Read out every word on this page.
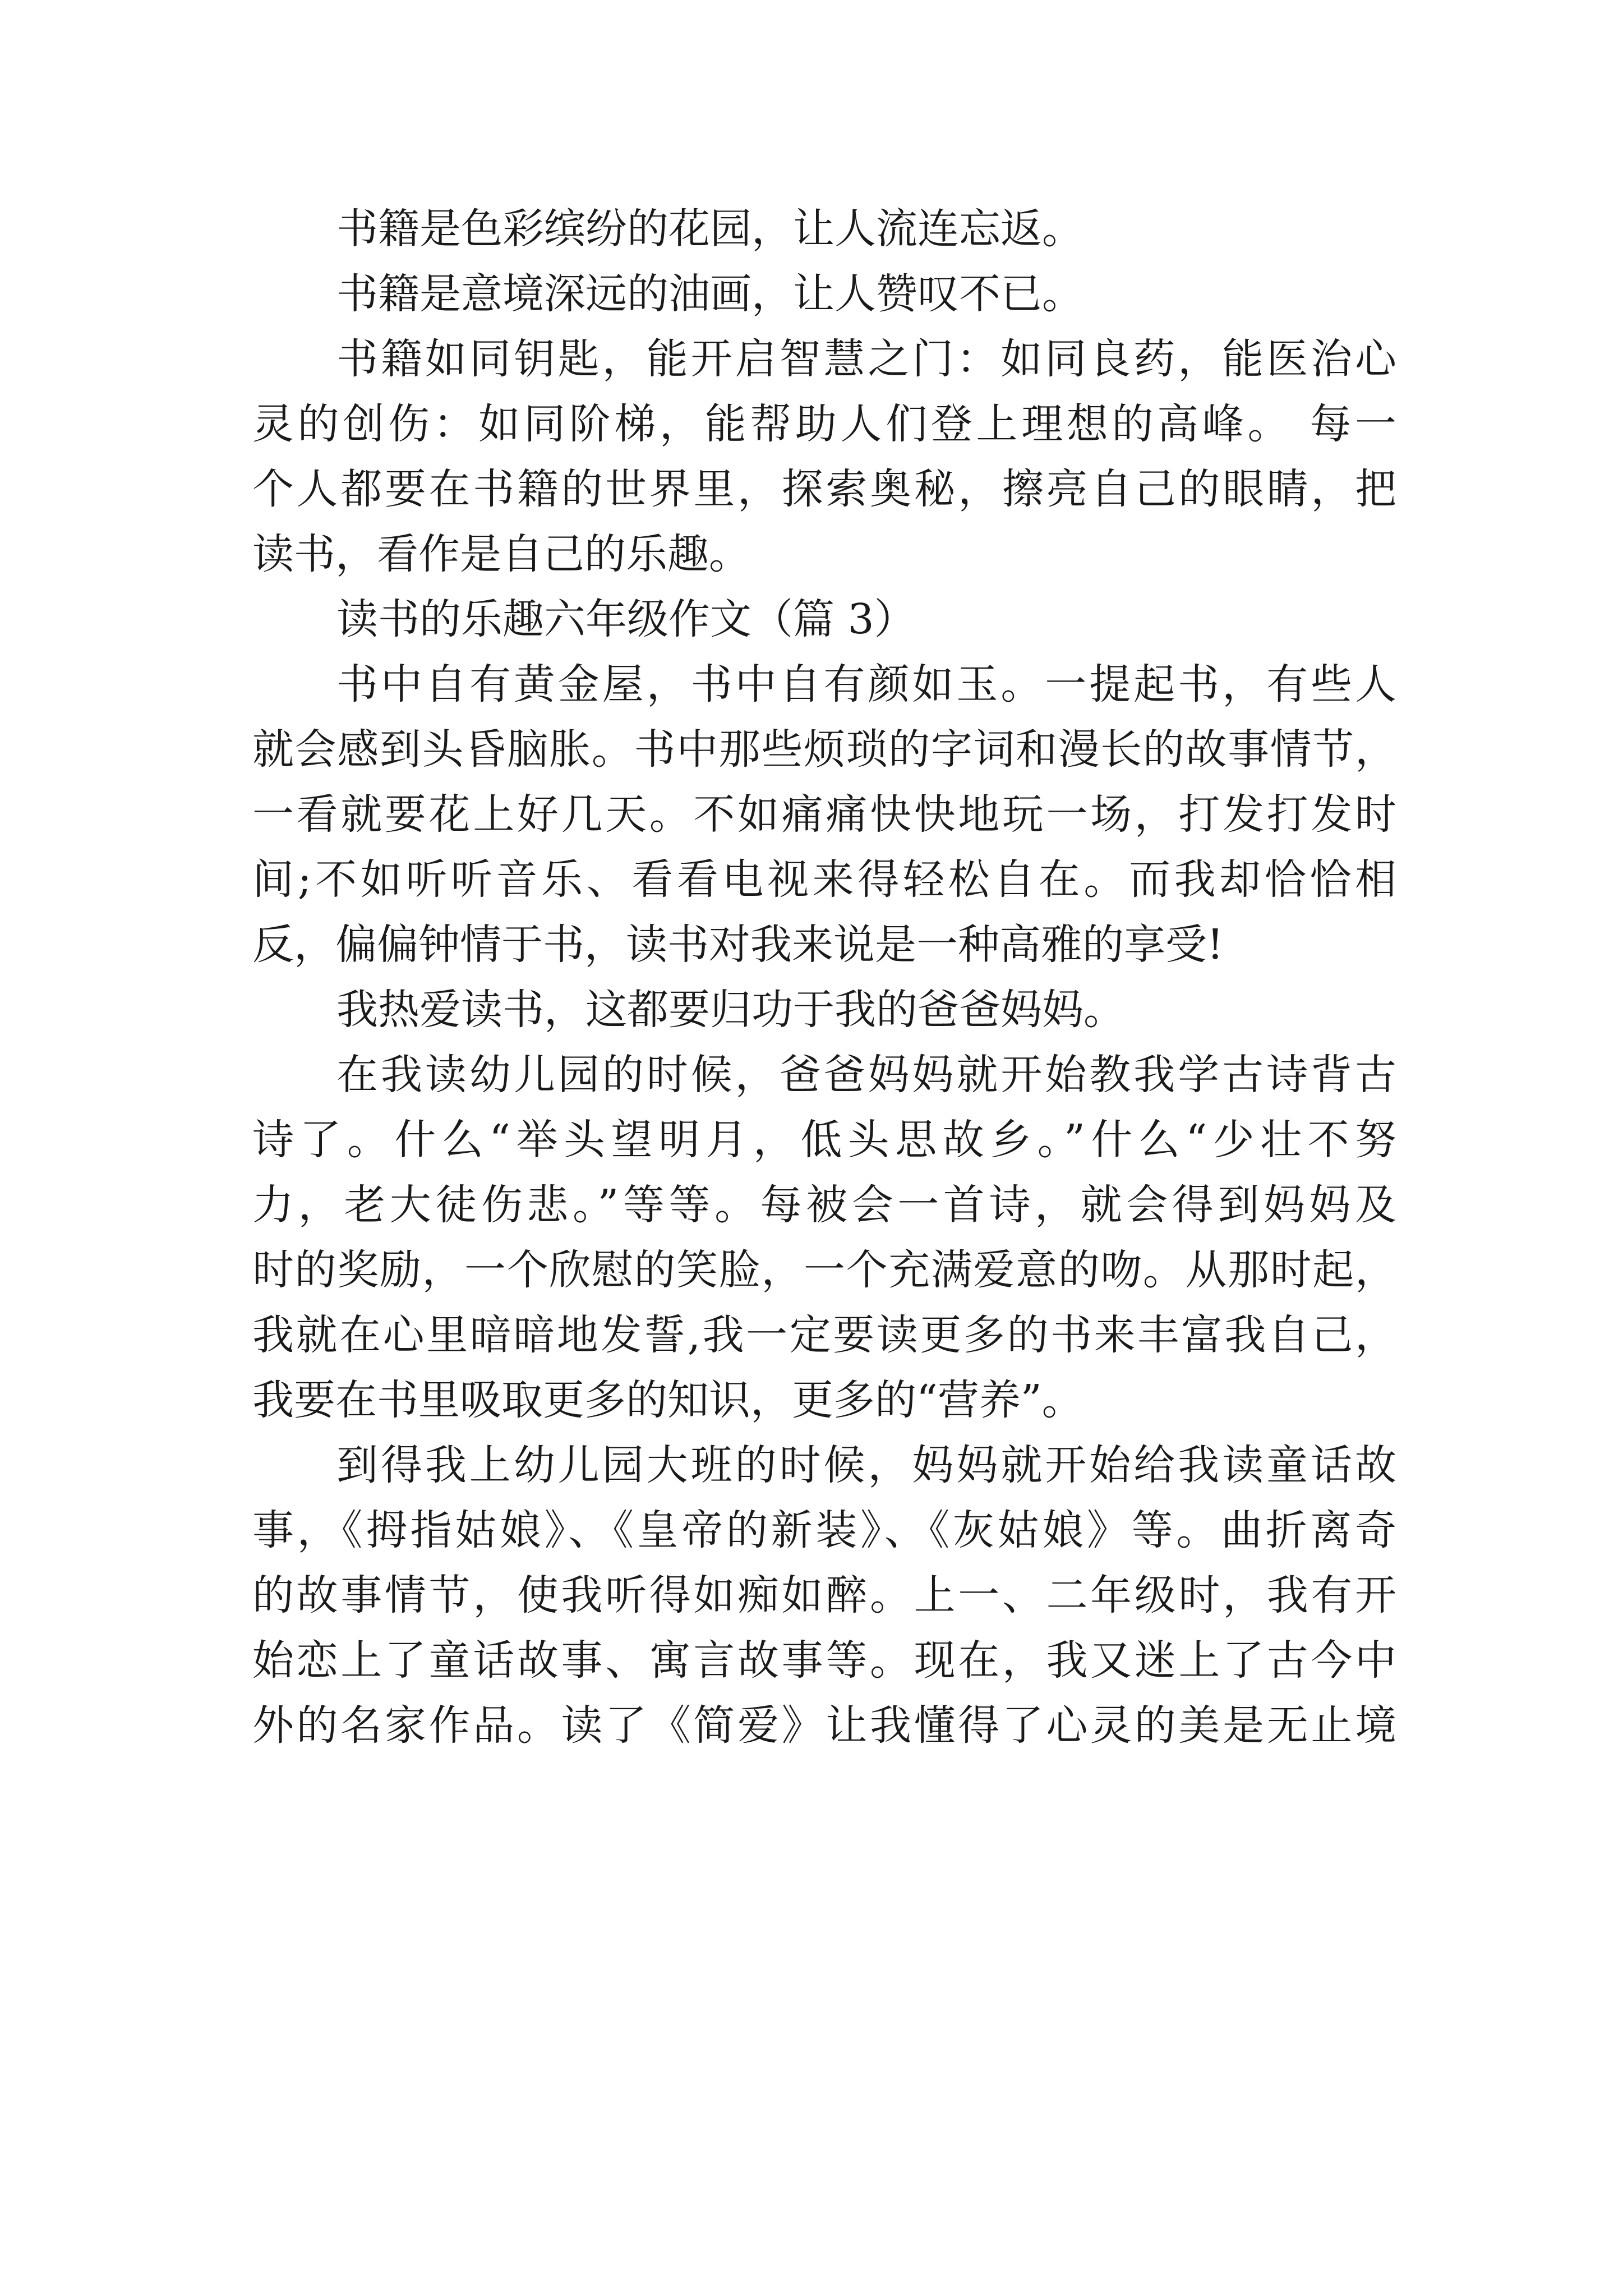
书籍是色彩缤纷的花园，让人流连忘返。
书籍是意境深远的油画，让人赞叹不已。
书籍如同钥匙，能开启智慧之门：如同良药，能医治心
灵的创伤：如同阶梯，能帮助人们登上理想的高峰。 每一
个人都要在书籍的世界里，探索奥秘，擦亮自己的眼睛，把
读书，看作是自己的乐趣。
读书的乐趣六年级作文（篇 3）
书中自有黄金屋，书中自有颜如玉。一提起书，有些人
就会感到头昏脑胀。书中那些烦琐的字词和漫长的故事情节，
一看就要花上好几天。不如痛痛快快地玩一场，打发打发时
间;不如听听音乐、看看电视来得轻松自在。而我却恰恰相
反，偏偏钟情于书，读书对我来说是一种高雅的享受!
我热爱读书，这都要归功于我的爸爸妈妈。
在我读幼儿园的时候，爸爸妈妈就开始教我学古诗背古
诗了。什么“举头望明月，低头思故乡。”什么“少壮不努
力，老大徒伤悲。”等等。每被会一首诗，就会得到妈妈及
时的奖励，一个欣慰的笑脸，一个充满爱意的吻。从那时起，
我就在心里暗暗地发誓,我一定要读更多的书来丰富我自己，
我要在书里吸取更多的知识，更多的“营养”。
到得我上幼儿园大班的时候，妈妈就开始给我读童话故
事，《拇指姑娘》、《皇帝的新装》、《灰姑娘》等。曲折离奇
的故事情节，使我听得如痴如醉。上一、二年级时，我有开
始恋上了童话故事、寓言故事等。现在，我又迷上了古今中
外的名家作品。读了《简爱》让我懂得了心灵的美是无止境
